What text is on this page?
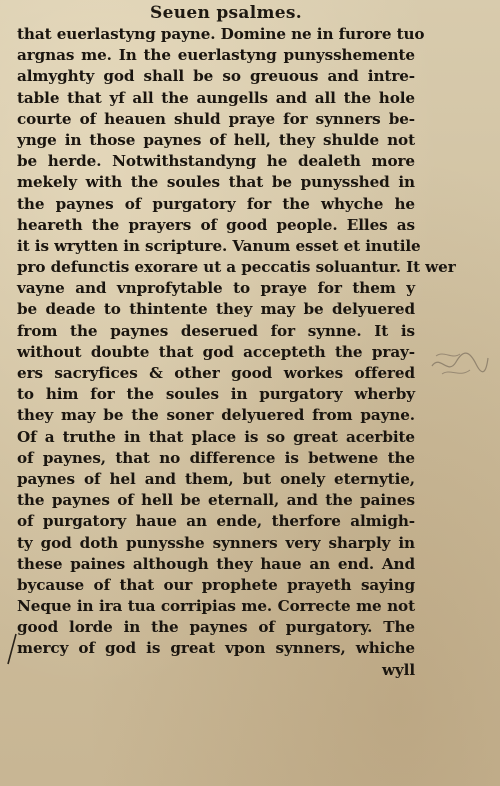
Seuen psalmes.
that euerlastyng payne. Domine ne in furore tuo
argnas me. In the euerlastyng punysshemente
almyghty god shall be so greuous and intre-
table that yf all the aungells and all the hole
courte of heauen shuld praye for synners be-
ynge in those paynes of hell, they shulde not
be herde. Notwithstandyng he dealeth more
mekely with the soules that be punysshed in
the paynes of purgatory for the whyche he
heareth the prayers of good people. Elles as
it is wrytten in scripture. Vanum esset et inutile
pro defunctis exorare ut a peccatis soluantur. It wer
vayne and vnprofytable to praye for them y
be deade to thintente they may be delyuered
from the paynes deserued for synne. It is
without doubte that god accepteth the pray-
ers sacryfices & other good workes offered
to him for the soules in purgatory wherby
they may be the soner delyuered from payne.
Of a truthe in that place is so great acerbite
of paynes, that no difference is betwene the
paynes of hel and them, but onely eternytie,
the paynes of hell be eternall, and the paines
of purgatory haue an ende, therfore almigh-
ty god doth punysshe synners very sharply in
these paines although they haue an end. And
bycause of that our prophete prayeth saying
Neque in ira tua corripias me. Correcte me not
good lorde in the paynes of purgatory. The
mercy of god is great vpon synners, whiche
wyll
